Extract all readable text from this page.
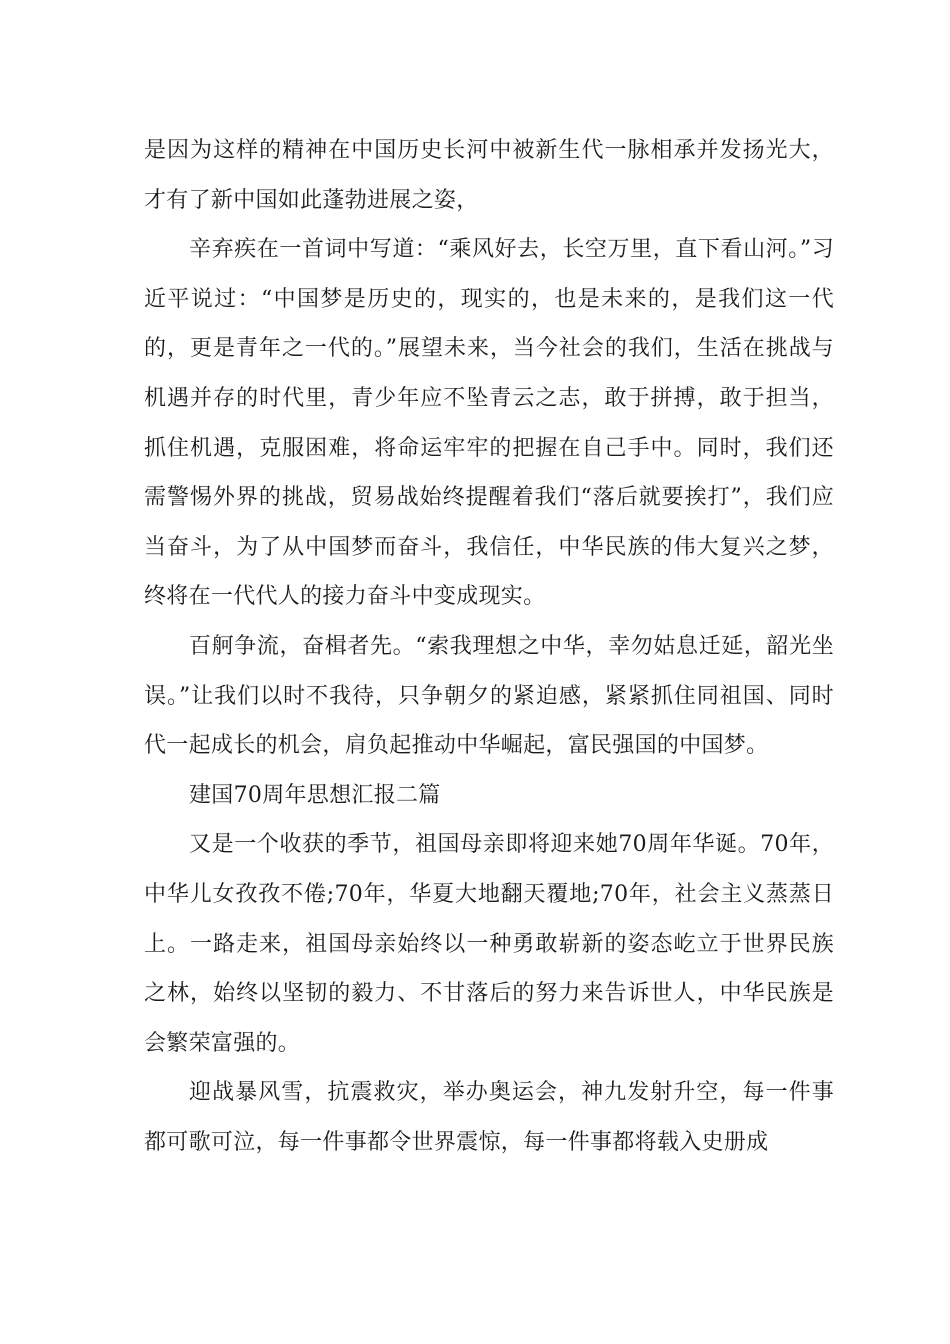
是因为这样的精神在中国历史长河中被新生代一脉相承并发扬光大，才有了新中国如此蓬勃进展之姿，

辛弃疾在一首词中写道：“乘风好去，长空万里，直下看山河。”习近平说过：“中国梦是历史的，现实的，也是未来的，是我们这一代的，更是青年之一代的。”展望未来，当今社会的我们，生活在挑战与机遇并存的时代里，青少年应不坠青云之志，敢于拼搏，敢于担当，抓住机遇，克服困难，将命运牢牢的把握在自己手中。同时，我们还需警惕外界的挑战，贸易战始终提醒着我们“落后就要挨打”，我们应当奋斗，为了从中国梦而奋斗，我信任，中华民族的伟大复兴之梦，终将在一代代人的接力奋斗中变成现实。

百舸争流，奋楫者先。“索我理想之中华，幸勿姑息迁延，韶光坐误。”让我们以时不我待，只争朝夕的紧迫感，紧紧抓住同祖国、同时代一起成长的机会，肩负起推动中华崛起，富民强国的中国梦。

建国70周年思想汇报二篇

又是一个收获的季节，祖国母亲即将迎来她70周年华诞。70年，中华儿女孜孜不倦;70年，华夏大地翻天覆地;70年，社会主义蒸蒸日上。一路走来，祖国母亲始终以一种勇敢崭新的姿态屹立于世界民族之林，始终以坚韧的毅力、不甘落后的努力来告诉世人，中华民族是会繁荣富强的。

迎战暴风雪，抗震救灾，举办奥运会，神九发射升空，每一件事都可歌可泣，每一件事都令世界震惊，每一件事都将载入史册成
